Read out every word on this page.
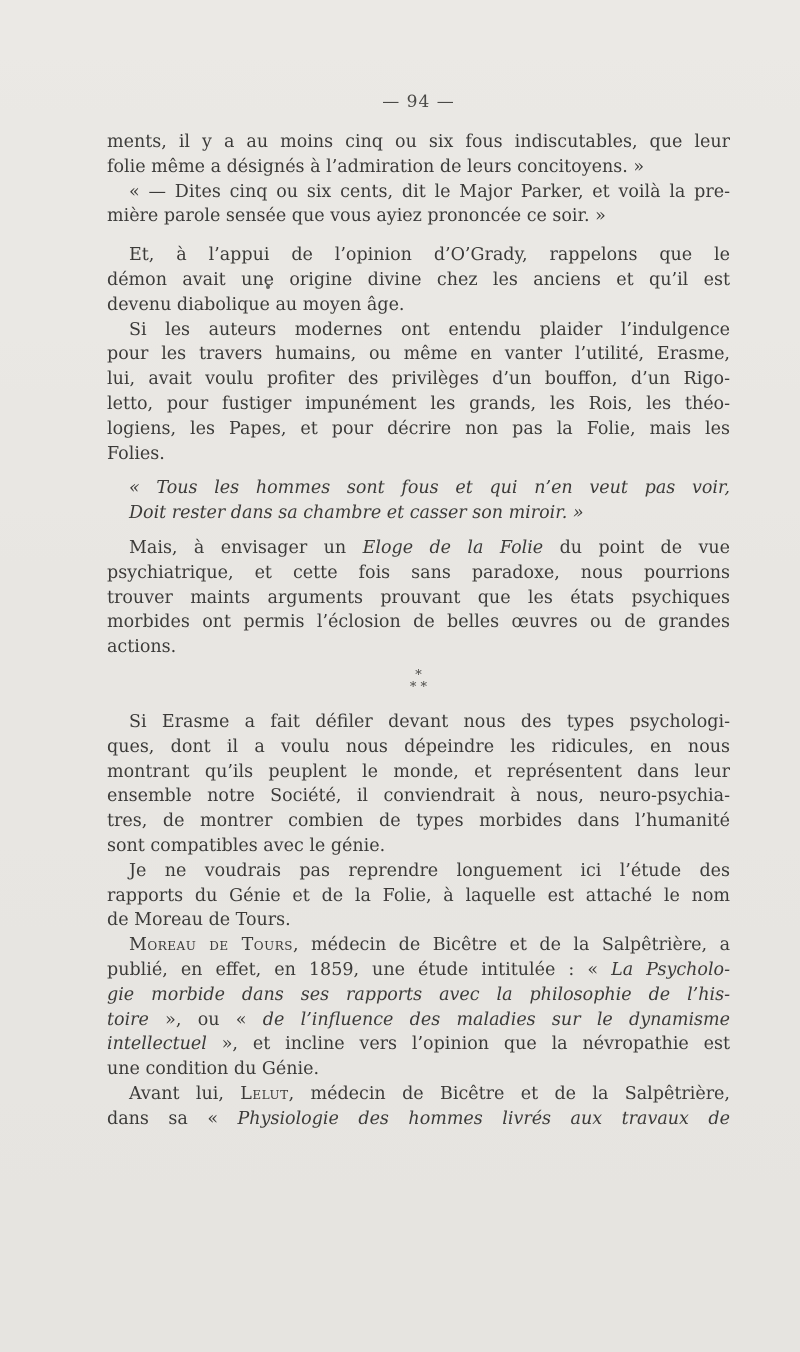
— 94 —
ments, il y a au moins cinq ou six fous indiscutables, que leur
folie même a désignés à l’admiration de leurs concitoyens. »
« — Dites cinq ou six cents, dit le Major Parker, et voilà la pre-
mière parole sensée que vous ayiez prononcée ce soir. »
Et, à l’appui de l’opinion d’O’Grady, rappelons que le
démon avait une origine divine chez les anciens et qu’il est
devenu diabolique au moyen âge.
Si les auteurs modernes ont entendu plaider l’indulgence
pour les travers humains, ou même en vanter l’utilité, Erasme,
lui, avait voulu profiter des privilèges d’un bouffon, d’un Rigo-
letto, pour fustiger impunément les grands, les Rois, les théo-
logiens, les Papes, et pour décrire non pas la Folie, mais les
Folies.
« Tous les hommes sont fous et qui n’en veut pas voir,
Doit rester dans sa chambre et casser son miroir. »
Mais, à envisager un Eloge de la Folie du point de vue
psychiatrique, et cette fois sans paradoxe, nous pourrions
trouver maints arguments prouvant que les états psychiques
morbides ont permis l’éclosion de belles œuvres ou de grandes
actions.
*
* *
Si Erasme a fait défiler devant nous des types psychologi-
ques, dont il a voulu nous dépeindre les ridicules, en nous
montrant qu’ils peuplent le monde, et représentent dans leur
ensemble notre Société, il conviendrait à nous, neuro-psychia-
tres, de montrer combien de types morbides dans l’humanité
sont compatibles avec le génie.
Je ne voudrais pas reprendre longuement ici l’étude des
rapports du Génie et de la Folie, à laquelle est attaché le nom
de Moreau de Tours.
Moreau de Tours, médecin de Bicêtre et de la Salpêtrière, a
publié, en effet, en 1859, une étude intitulée : « La Psycholo-
gie morbide dans ses rapports avec la philosophie de l’his-
toire », ou « de l’influence des maladies sur le dynamisme
intellectuel », et incline vers l’opinion que la névropathie est
une condition du Génie.
Avant lui, Lelut, médecin de Bicêtre et de la Salpêtrière,
dans sa « Physiologie des hommes livrés aux travaux de
